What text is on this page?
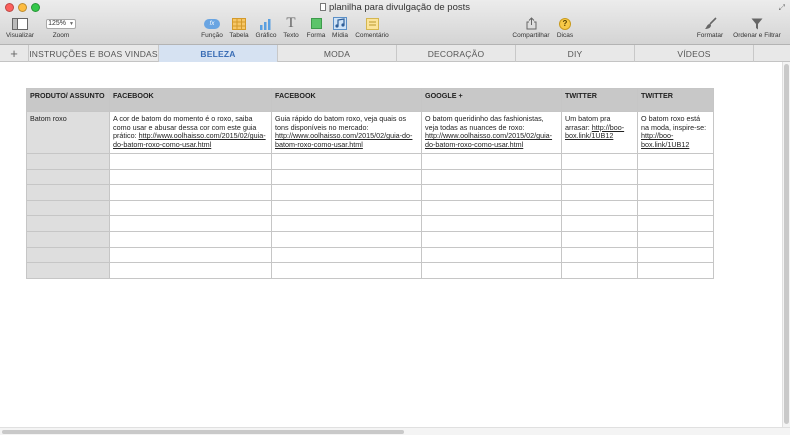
planilha para divulgação de posts	⤢
Visualizar
125% ▼
Zoom
fx
Função Tabela Gráfico
T
Texto	Forma	Mídia	Comentário	Compartilhar
?
Dicas	Formatar	Ordenar e Filtrar
+ INSTRUÇÕES E BOAS VINDAS	BELEZA	MODA	DECORAÇÃO	DIY	VÍDEOS
PRODUTO/ ASSUNTO	FACEBOOK	FACEBOOK	GOOGLE +	TWITTER	TWITTER
Batom roxo	A cor de batom do momento é o roxo, saiba como usar e abusar dessa cor com este guia prático: http://www.oolhaisso.com/2015/02/guia-do-batom-roxo-como-usar.html	Guia rápido do batom roxo, veja quais os tons disponíveis no mercado: http://www.oolhaisso.com/2015/02/guia-do-batom-roxo-como-usar.html	O batom queridinho das fashionistas, veja todas as nuances de roxo: http://www.oolhaisso.com/2015/02/guia-do-batom-roxo-como-usar.html	Um batom pra arrasar: http://boo-box.link/1UB12	O batom roxo está na moda, inspire-se: http://boo-box.link/1UB12
